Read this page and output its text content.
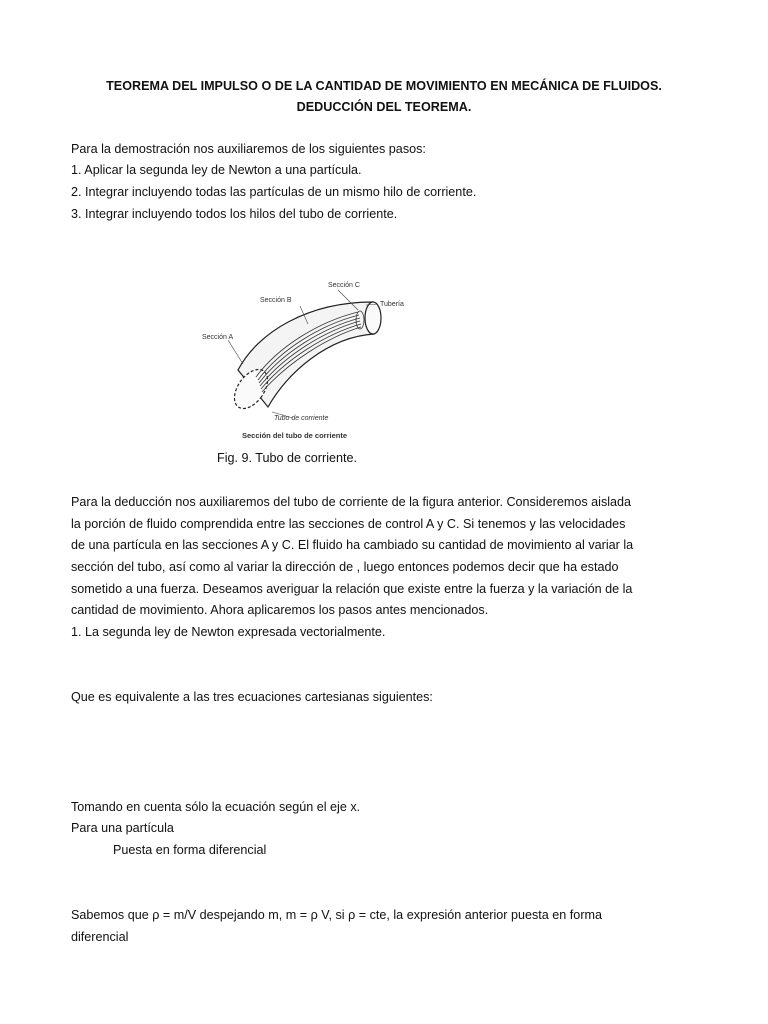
TEOREMA DEL IMPULSO O DE LA CANTIDAD DE MOVIMIENTO EN MECÁNICA DE FLUIDOS.
DEDUCCIÓN DEL TEOREMA.
Para la demostración nos auxiliaremos de los siguientes pasos:
1. Aplicar la segunda ley de Newton a una partícula.
2. Integrar incluyendo todas las partículas de un mismo hilo de corriente.
3. Integrar incluyendo todos los hilos del tubo de corriente.
Sección C
Sección B
Tubería
Sección A
Tubo de corriente
Sección del tubo de corriente
Fig. 9. Tubo de corriente.
Para la deducción nos auxiliaremos del tubo de corriente de la figura anterior. Consideremos aislada
la porción de fluido comprendida entre las secciones de control A y C. Si tenemos y las velocidades
de una partícula en las secciones A y C. El fluido ha cambiado su cantidad de movimiento al variar la
sección del tubo, así como al variar la dirección de , luego entonces podemos decir que ha estado
sometido a una fuerza. Deseamos averiguar la relación que existe entre la fuerza y la variación de la
cantidad de movimiento. Ahora aplicaremos los pasos antes mencionados.
1. La segunda ley de Newton expresada vectorialmente.
Que es equivalente a las tres ecuaciones cartesianas siguientes:
Tomando en cuenta sólo la ecuación según el eje x.
Para una partícula
Puesta en forma diferencial
Sabemos que ρ = m/V despejando m, m = ρ V, si ρ = cte, la expresión anterior puesta en forma
diferencial
